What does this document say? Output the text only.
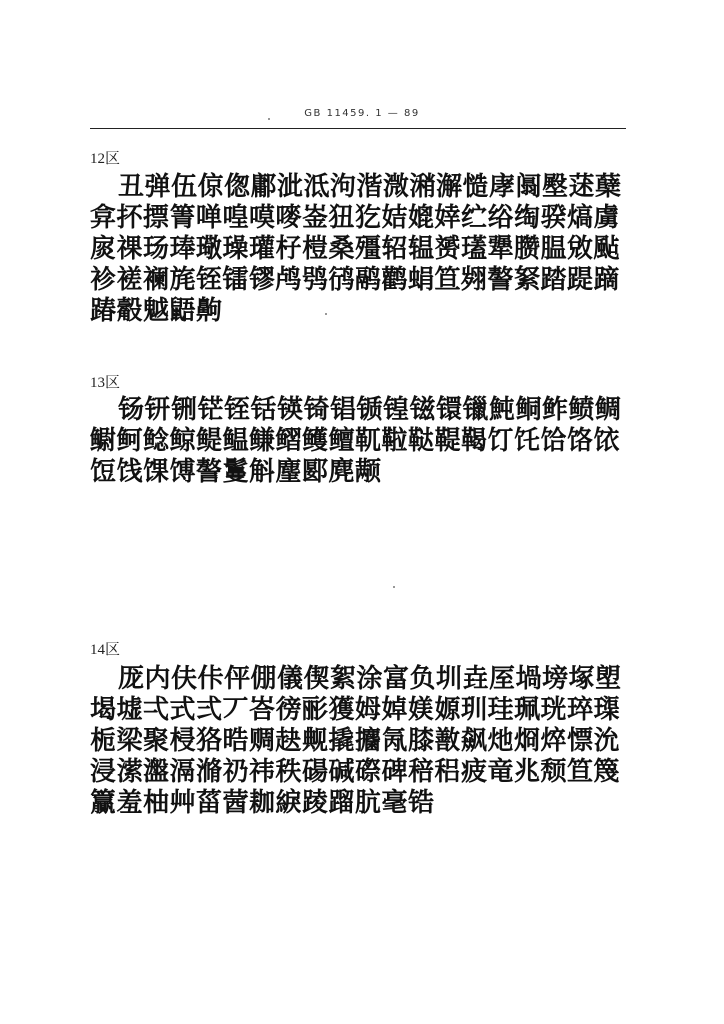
GB 11459. 1 — 89
12区
丑弹伍倞偬鄘泚泜泃湝溦潲澥慥庨阘壂蒁蘖
弇抔摽箐啴喤嗼嘜崟狃犵姞媲婞纻绤绹骙熇虜
扊祼玚琫璥璪瓘杍榿桑殭轺辒赟瓂犟臜腽敓颭
袗褨襕旄铚镭镠鸬鸮鸻鹝鹳蜎笪翙謷䋈踏踶蹢
踳觳魆鼯齁
13区
钖钘铏铓铚铦锳锜锠锧锽镃镮镴魨鲖鲊鲼鲷
鳚鲄鲶鲸鳀鳁鳒鳛鳠鳣靰鞡鞑鞮鞨饤饦饸饹饻
饾饯馃馎謷鬘斛麈郾麂颟
14区
厐内伕佧伻倗儀偰絮涂富负圳垚厔堝塝塚塱
堨墟弌式弍丆峇徬彨獲姆婥媄嫄玔珪珮珖琗璖
栀梁聚梫狢晧赒赽觍撬攟氝膝敾飙灺烱焠慓沇
浸潆瀊滆滫礽祎秩碭碱磜碑稖稆疲竜兆颓笪篾
籯羞柚艸菑蒏耞綟踜蹓肮毫锆
